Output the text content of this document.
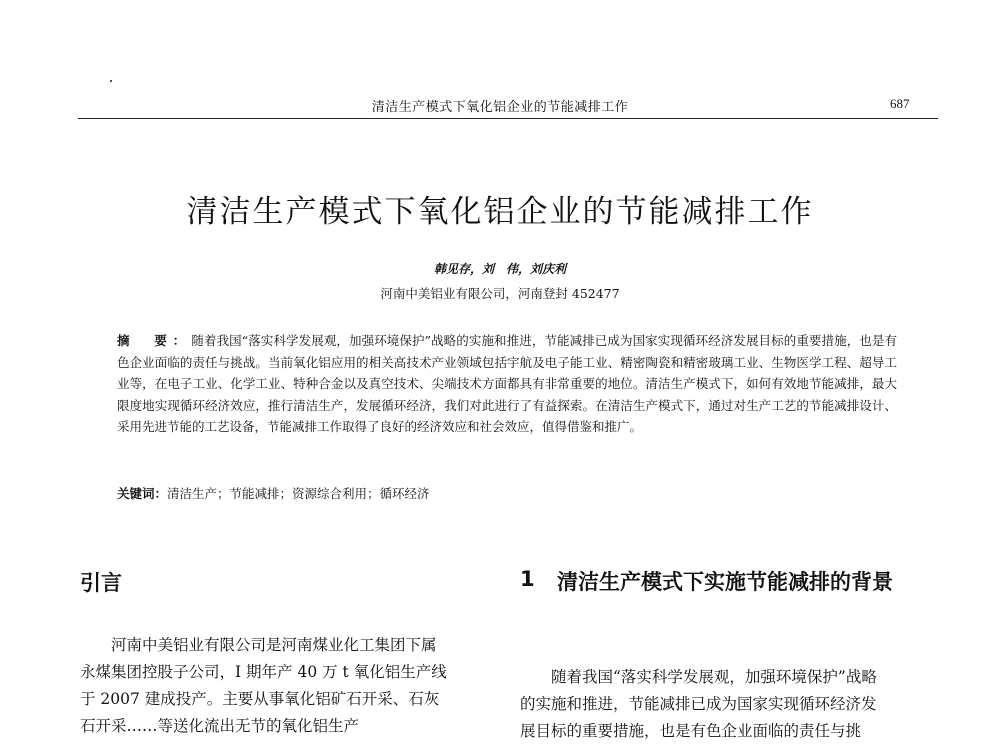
清洁生产模式下氧化铝企业的节能减排工作	687
清洁生产模式下氧化铝企业的节能减排工作
韩见存，刘　伟，刘庆利
河南中美铝业有限公司，河南登封 452477
摘　要：随着我国“落实科学发展观，加强环境保护”战略的实施和推进，节能减排已成为国家实现循环经济发展目标的重要措施，也是有色企业面临的责任与挑战。当前氧化铝应用的相关高技术产业领域包括宇航及电子能工业、精密陶瓷和精密玻璃工业、生物医学工程、超导工业等，在电子工业、化学工业、特种合金以及真空技术、尖端技术方面都具有非常重要的地位。清洁生产模式下，如何有效地节能减排，最大限度地实现循环经济效应，推行清洁生产，发展循环经济，我们对此进行了有益探索。在清洁生产模式下，通过对生产工艺的节能减排设计、采用先进节能的工艺设备，节能减排工作取得了良好的经济效应和社会效应，值得借鉴和推广。
关键词：清洁生产；节能减排；资源综合利用；循环经济
引言
河南中美铝业有限公司是河南煤业化工集团下属
永煤集团控股子公司，I 期年产 40 万 t 氧化铝生产线
于 2007 建成投产。主要从事氧化铝矿石开采、石灰
石开采……等送化流出无节的氧化铝生产
1 清洁生产模式下实施节能减排的背景
随着我国“落实科学发展观，加强环境保护”战略
的实施和推进，节能减排已成为国家实现循环经济发
展目标的重要措施，也是有色企业面临的责任与挑
